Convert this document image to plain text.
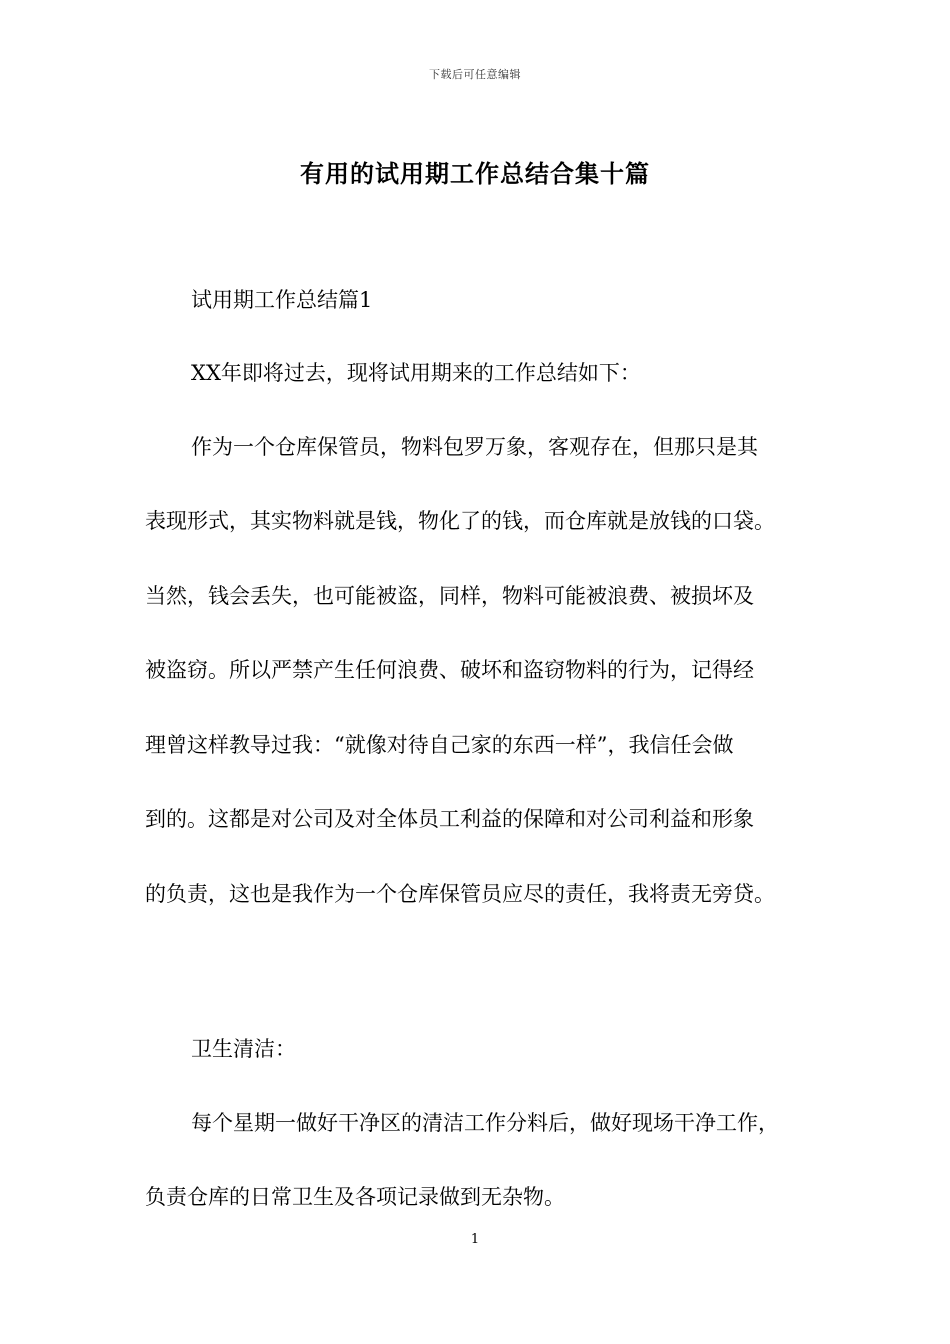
下载后可任意编辑
有用的试用期工作总结合集十篇
试用期工作总结篇1
XX年即将过去，现将试用期来的工作总结如下：
作为一个仓库保管员，物料包罗万象，客观存在，但那只是其
表现形式，其实物料就是钱，物化了的钱，而仓库就是放钱的口袋。
当然，钱会丢失，也可能被盗，同样，物料可能被浪费、被损坏及
被盗窃。所以严禁产生任何浪费、破坏和盗窃物料的行为，记得经
理曾这样教导过我：“就像对待自己家的东西一样”，我信任会做
到的。这都是对公司及对全体员工利益的保障和对公司利益和形象
的负责，这也是我作为一个仓库保管员应尽的责任，我将责无旁贷。
卫生清洁：
每个星期一做好干净区的清洁工作分料后，做好现场干净工作，
负责仓库的日常卫生及各项记录做到无杂物。
1
